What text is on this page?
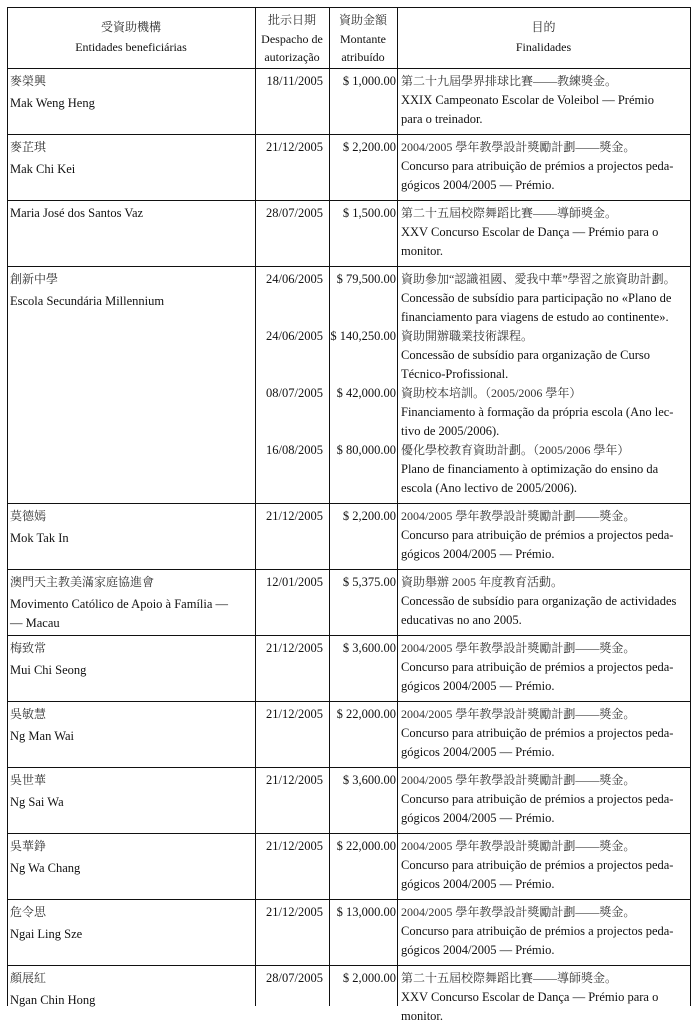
受資助機構
Entidades beneficiárias
批示日期
Despacho de
autorização
資助金額
Montante
atribuído
目的
Finalidades
麥榮興
Mak Weng Heng
18/11/2005	$ 1,000.00 第二十九屆學界排球比賽——教練獎金。
XXIX Campeonato Escolar de Voleibol — Prémio
para o treinador.
麥芷琪
Mak Chi Kei
21/12/2005	$ 2,200.00 2004/2005 學年教學設計獎勵計劃——獎金。
Concurso para atribuição de prémios a projectos peda-
gógicos 2004/2005 — Prémio.
Maria José dos Santos Vaz	28/07/2005	$ 1,500.00 第二十五屆校際舞蹈比賽——導師獎金。
XXV Concurso Escolar de Dança — Prémio para o
monitor.
創新中學
Escola Secundária Millennium
24/06/2005	$ 79,500.00 資助參加“認識祖國、愛我中華”學習之旅資助計劃。
Concessão de subsídio para participação no «Plano de
financiamento para viagens de estudo ao continente».
24/06/2005 $ 140,250.00 資助開辦職業技術課程。
Concessão de subsídio para organização de Curso
Técnico-Profissional.
08/07/2005	$ 42,000.00 資助校本培訓。（2005/2006 學年）
Financiamento à formação da própria escola (Ano lec-
tivo de 2005/2006).
16/08/2005	$ 80,000.00 優化學校教育資助計劃。（2005/2006 學年）
Plano de financiamento à optimização do ensino da
escola (Ano lectivo de 2005/2006).
莫德嫣
Mok Tak In
21/12/2005	$ 2,200.00 2004/2005 學年教學設計獎勵計劃——獎金。
Concurso para atribuição de prémios a projectos peda-
gógicos 2004/2005 — Prémio.
澳門天主教美滿家庭協進會
Movimento Católico de Apoio à Família —
— Macau
12/01/2005	$ 5,375.00 資助舉辦 2005 年度教育活動。
Concessão de subsídio para organização de actividades
educativas no ano 2005.
梅致常
Mui Chi Seong
21/12/2005	$ 3,600.00 2004/2005 學年教學設計獎勵計劃——獎金。
Concurso para atribuição de prémios a projectos peda-
gógicos 2004/2005 — Prémio.
吳敏慧
Ng Man Wai
21/12/2005	$ 22,000.00 2004/2005 學年教學設計獎勵計劃——獎金。
Concurso para atribuição de prémios a projectos peda-
gógicos 2004/2005 — Prémio.
吳世華
Ng Sai Wa
21/12/2005	$ 3,600.00 2004/2005 學年教學設計獎勵計劃——獎金。
Concurso para atribuição de prémios a projectos peda-
gógicos 2004/2005 — Prémio.
吳華錚
Ng Wa Chang
21/12/2005	$ 22,000.00 2004/2005 學年教學設計獎勵計劃——獎金。
Concurso para atribuição de prémios a projectos peda-
gógicos 2004/2005 — Prémio.
危令思
Ngai Ling Sze
21/12/2005	$ 13,000.00 2004/2005 學年教學設計獎勵計劃——獎金。
Concurso para atribuição de prémios a projectos peda-
gógicos 2004/2005 — Prémio.
顏展紅
Ngan Chin Hong
28/07/2005	$ 2,000.00 第二十五屆校際舞蹈比賽——導師獎金。
XXV Concurso Escolar de Dança — Prémio para o
monitor.
